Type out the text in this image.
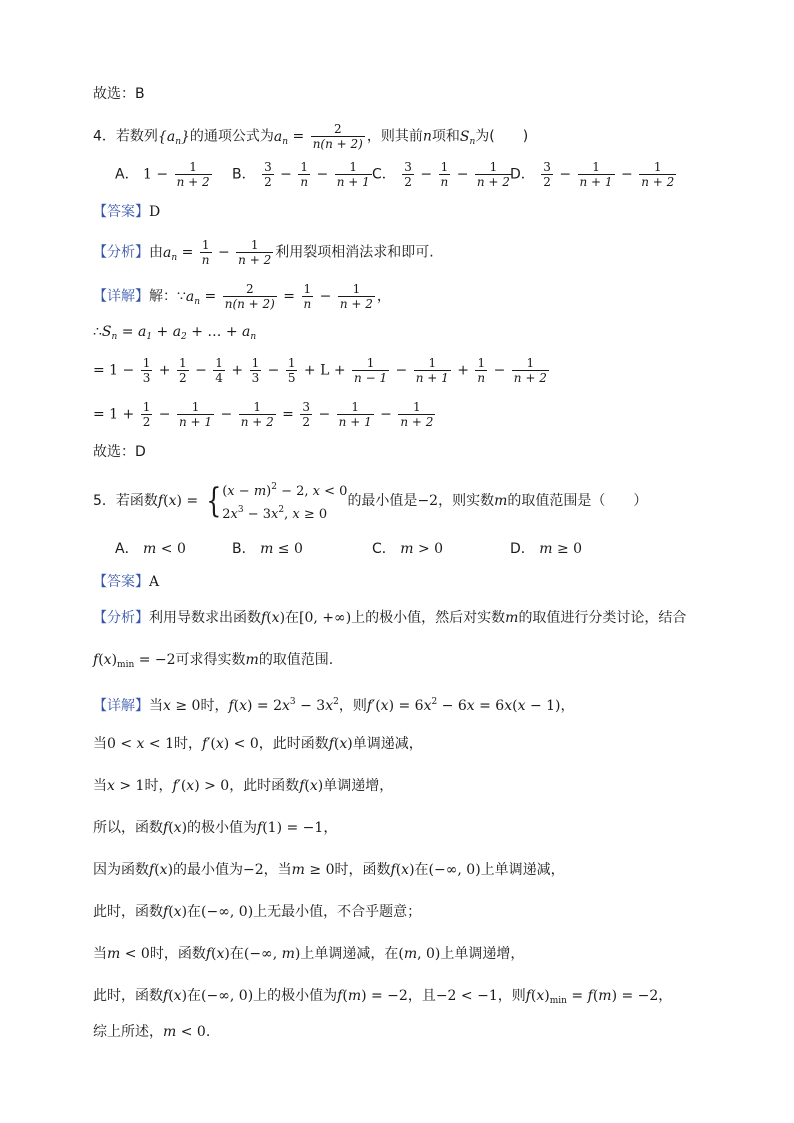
故选：B
4．若数列$\{a_n\}$的通项公式为$a_n = \frac{2}{n(n + 2)}$ ，则其前n项和$S_n$为(　　)
A． $1 - \frac{1}{n + 2}$ B． $\frac{3}{2} - \frac{1}{n} - \frac{1}{n + 1}$ C． $\frac{3}{2} - \frac{1}{n} - \frac{1}{n + 2}$
D． $\frac{3}{2} - \frac{1}{n + 1} - \frac{1}{n + 2}$
【答案】D
【分析】由$a_n = \frac{1}{n} - \frac{1}{n + 2}$ 利用裂项相消法求和即可.
【详解】解：$\because a_n = \frac{2}{n(n + 2)} = \frac{1}{n} - \frac{1}{n + 2}$ ，
$\therefore S_n = a_1 + a_2$ + … + $a_n$
= $1 - \frac{1}{3} + \frac{1}{2} - \frac{1}{4} + \frac{1}{3} - \frac{1}{5} + L + \frac{1}{n - 1} - \frac{1}{n + 1} + \frac{1}{n} - \frac{1}{n + 2}$
= $1 + \frac{1}{2} - \frac{1}{n + 1} - \frac{1}{n + 2} = \frac{3}{2} - \frac{1}{n + 1} - \frac{1}{n + 2}$
故选：D
5．若函数f(x) = { $(x - m)^2 - 2$, x < 0
$2x^3 - 3x^2$, x ≥ 0
的最小值是−2，则实数m的取值范围是（　　）
A． m < 0	B． m ≤ 0	C． m > 0	D． m ≥ 0
【答案】A
【分析】利用导数求出函数f(x)在[0, +∞)上的极小值，然后对实数m的取值进行分类讨论，结合
$f(x)_{min} = -2$可求得实数m的取值范围.
【详解】当x ≥ 0时，$f(x) = 2x^3 - 3x^2$，则$f'(x) = 6x^2 - 6x = 6x(x - 1)$，
当0 < x < 1时，f′(x) < 0，此时函数f(x)单调递减，
当x > 1时，f′(x) > 0，此时函数f(x)单调递增，
所以，函数f(x)的极小值为f(1) = −1，
因为函数f(x)的最小值为−2，当m ≥ 0时，函数f(x)在(−∞, 0)上单调递减，
此时，函数f(x)在(−∞, 0)上无最小值，不合乎题意；
当m < 0时，函数f(x)在(−∞, m)上单调递减，在(m, 0)上单调递增，
此时，函数f(x)在(−∞, 0)上的极小值为f(m) = −2，且−2 < −1，则$f(x)_{min} = f(m) = -2$，
综上所述，m < 0.
